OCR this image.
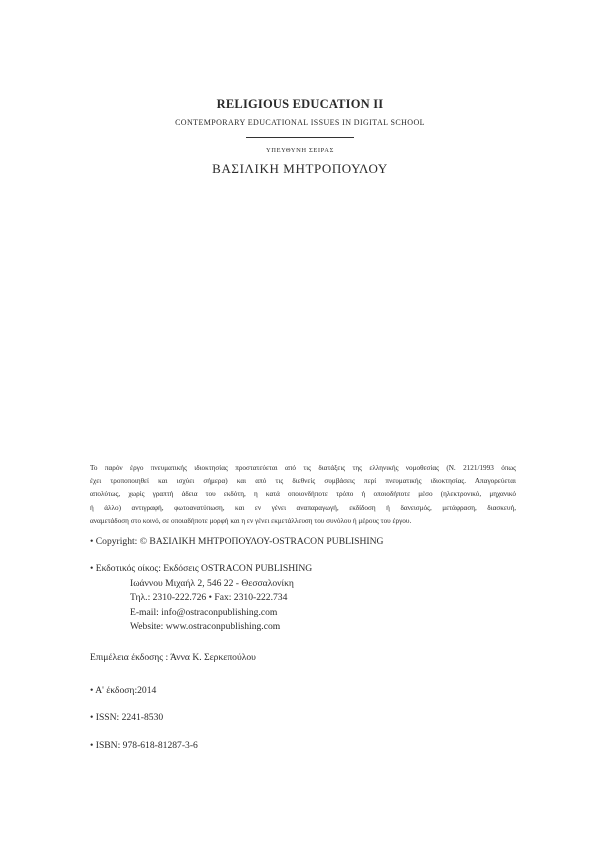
RELIGIOUS EDUCATION II
CONTEMPORARY EDUCATIONAL ISSUES IN DIGITAL SCHOOL
ΥΠΕΥΘΥΝΗ ΣΕΙΡΑΣ
ΒΑΣΙΛΙΚΗ ΜΗΤΡΟΠΟΥΛΟΥ

Το παρόν έργο πνευματικής ιδιοκτησίας προστατεύεται από τις διατάξεις της ελληνικής νομοθεσίας (Ν. 2121/1993 όπως

έχει τροποποιηθεί και ισχύει σήμερα) και από τις διεθνείς συμβάσεις περί πνευματικής ιδιοκτησίας. Απαγορεύεται

απολύτως, χωρίς γραπτή άδεια του εκδότη, η κατά οποιονδήποτε τρόπο ή οποιοδήποτε μέσο (ηλεκτρονικό, μηχανικό

ή άλλο) αντιγραφή, φωτοανατύπωση, και εν γένει αναπαραγωγή, εκδίδοση ή δανεισμός, μετάφραση, διασκευή,

αναμετάδοση στο κοινό, σε οποιαδήποτε μορφή και η εν γένει εκμετάλλευση του συνόλου ή μέρους του έργου.

• Copyright: © ΒΑΣΙΛΙΚΗ ΜΗΤΡΟΠΟΥΛΟΥ-OSTRACON PUBLISHING
• Εκδοτικός οίκος: Εκδόσεις OSTRACON PUBLISHING
Ιωάννου Μιχαήλ 2, 546 22 - Θεσσαλονίκη
Τηλ.: 2310-222.726 • Fax: 2310-222.734
E-mail: info@ostraconpublishing.com
Website: www.ostraconpublishing.com
Επιμέλεια έκδοσης : Άννα Κ. Σερκεπούλου
• Α' έκδοση:2014
• ISSN: 2241-8530
• ISBN: 978-618-81287-3-6
